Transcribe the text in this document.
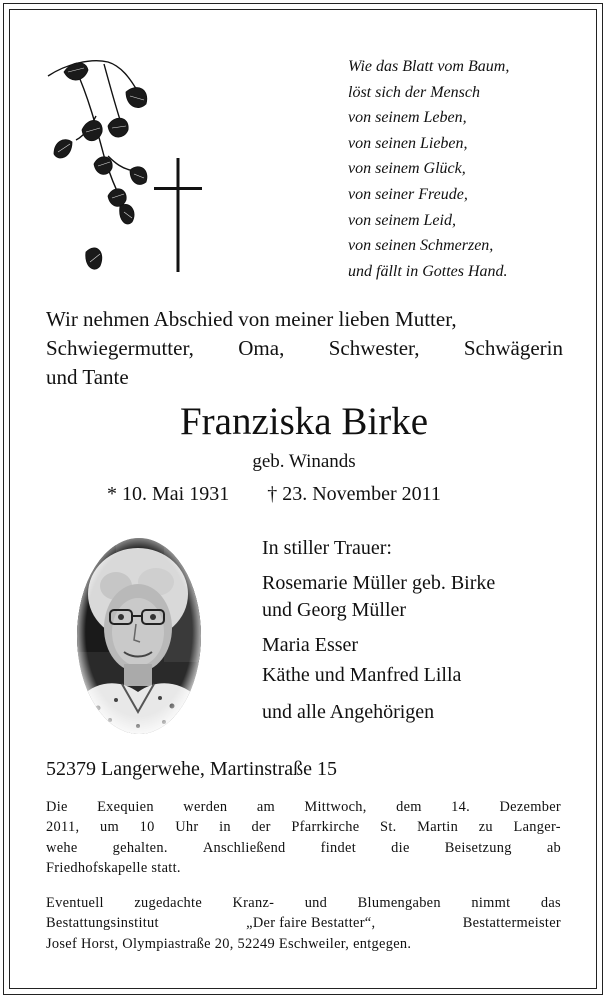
Wie das Blatt vom Baum,
löst sich der Mensch
von seinem Leben,
von seinen Lieben,
von seinem Glück,
von seiner Freude,
von seinem Leid,
von seinen Schmerzen,
und fällt in Gottes Hand.
Wir nehmen Abschied von meiner lieben Mutter,
Schwiegermutter, Oma, Schwester, Schwägerin
und Tante
Franziska Birke
geb. Winands
* 10. Mai 1931 † 23. November 2011
In stiller Trauer:
Rosemarie Müller geb. Birke
und Georg Müller
Maria Esser
Käthe und Manfred Lilla
und alle Angehörigen
52379 Langerwehe, Martinstraße 15
Die Exequien werden am Mittwoch, dem 14. Dezember
2011, um 10 Uhr in der Pfarrkirche St. Martin zu Langer-
wehe gehalten. Anschließend findet die Beisetzung ab
Friedhofskapelle statt.
Eventuell zugedachte Kranz- und Blumengaben nimmt das
Bestattungsinstitut	„Der faire Bestatter“,	Bestattermeister
Josef Horst, Olympiastraße 20, 52249 Eschweiler, entgegen.
